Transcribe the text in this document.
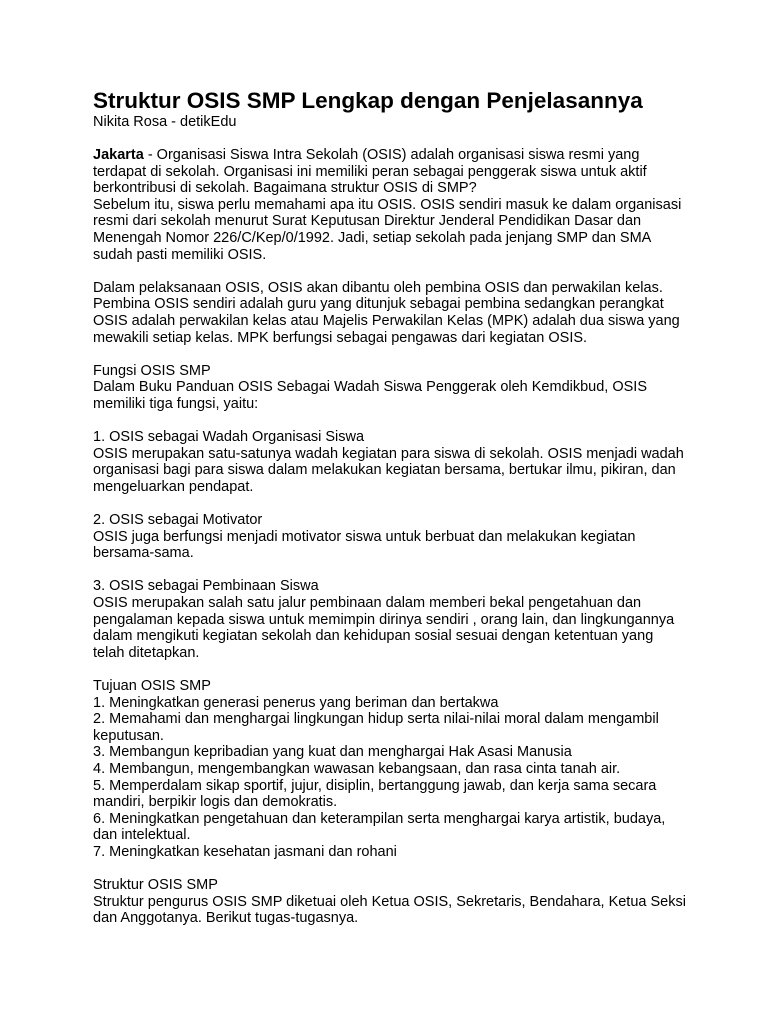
Struktur OSIS SMP Lengkap dengan Penjelasannya
Nikita Rosa - detikEdu
Jakarta - Organisasi Siswa Intra Sekolah (OSIS) adalah organisasi siswa resmi yang
terdapat di sekolah. Organisasi ini memiliki peran sebagai penggerak siswa untuk aktif
berkontribusi di sekolah. Bagaimana struktur OSIS di SMP?
Sebelum itu, siswa perlu memahami apa itu OSIS. OSIS sendiri masuk ke dalam organisasi
resmi dari sekolah menurut Surat Keputusan Direktur Jenderal Pendidikan Dasar dan
Menengah Nomor 226/C/Kep/0/1992. Jadi, setiap sekolah pada jenjang SMP dan SMA
sudah pasti memiliki OSIS.
Dalam pelaksanaan OSIS, OSIS akan dibantu oleh pembina OSIS dan perwakilan kelas.
Pembina OSIS sendiri adalah guru yang ditunjuk sebagai pembina sedangkan perangkat
OSIS adalah perwakilan kelas atau Majelis Perwakilan Kelas (MPK) adalah dua siswa yang
mewakili setiap kelas. MPK berfungsi sebagai pengawas dari kegiatan OSIS.
Fungsi OSIS SMP
Dalam Buku Panduan OSIS Sebagai Wadah Siswa Penggerak oleh Kemdikbud, OSIS
memiliki tiga fungsi, yaitu:
1. OSIS sebagai Wadah Organisasi Siswa
OSIS merupakan satu-satunya wadah kegiatan para siswa di sekolah. OSIS menjadi wadah
organisasi bagi para siswa dalam melakukan kegiatan bersama, bertukar ilmu, pikiran, dan
mengeluarkan pendapat.
2. OSIS sebagai Motivator
OSIS juga berfungsi menjadi motivator siswa untuk berbuat dan melakukan kegiatan
bersama-sama.
3. OSIS sebagai Pembinaan Siswa
OSIS merupakan salah satu jalur pembinaan dalam memberi bekal pengetahuan dan
pengalaman kepada siswa untuk memimpin dirinya sendiri , orang lain, dan lingkungannya
dalam mengikuti kegiatan sekolah dan kehidupan sosial sesuai dengan ketentuan yang
telah ditetapkan.
Tujuan OSIS SMP
1. Meningkatkan generasi penerus yang beriman dan bertakwa
2. Memahami dan menghargai lingkungan hidup serta nilai-nilai moral dalam mengambil
keputusan.
3. Membangun kepribadian yang kuat dan menghargai Hak Asasi Manusia
4. Membangun, mengembangkan wawasan kebangsaan, dan rasa cinta tanah air.
5. Memperdalam sikap sportif, jujur, disiplin, bertanggung jawab, dan kerja sama secara
mandiri, berpikir logis dan demokratis.
6. Meningkatkan pengetahuan dan keterampilan serta menghargai karya artistik, budaya,
dan intelektual.
7. Meningkatkan kesehatan jasmani dan rohani
Struktur OSIS SMP
Struktur pengurus OSIS SMP diketuai oleh Ketua OSIS, Sekretaris, Bendahara, Ketua Seksi
dan Anggotanya. Berikut tugas-tugasnya.
